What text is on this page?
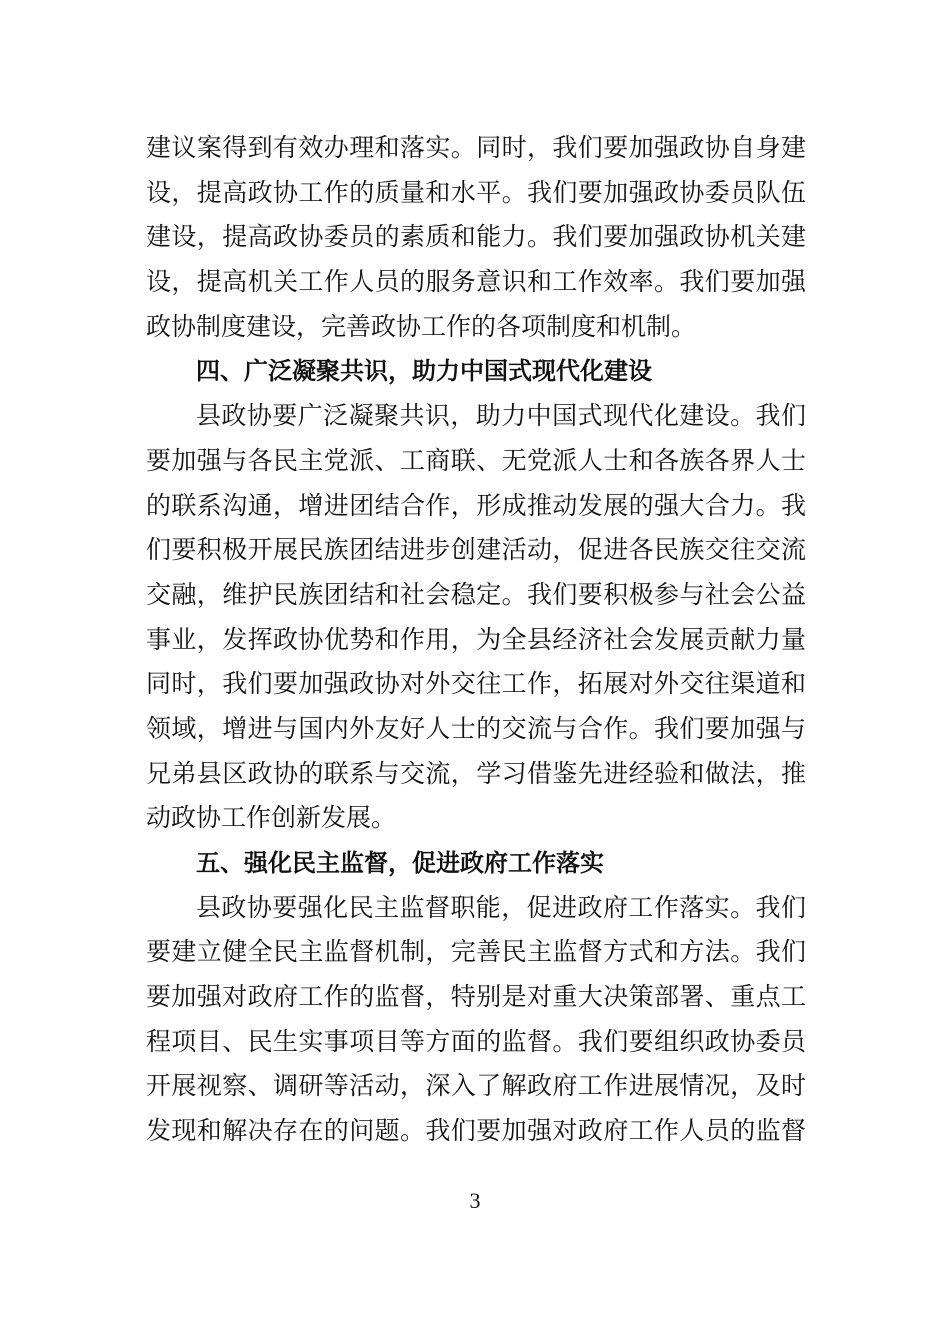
建议案得到有效办理和落实。同时，我们要加强政协自身建
设，提高政协工作的质量和水平。我们要加强政协委员队伍
建设，提高政协委员的素质和能力。我们要加强政协机关建
设，提高机关工作人员的服务意识和工作效率。我们要加强
政协制度建设，完善政协工作的各项制度和机制。
四、广泛凝聚共识，助力中国式现代化建设
县政协要广泛凝聚共识，助力中国式现代化建设。我们
要加强与各民主党派、工商联、无党派人士和各族各界人士
的联系沟通，增进团结合作，形成推动发展的强大合力。我
们要积极开展民族团结进步创建活动，促进各民族交往交流
交融，维护民族团结和社会稳定。我们要积极参与社会公益
事业，发挥政协优势和作用，为全县经济社会发展贡献力量
同时，我们要加强政协对外交往工作，拓展对外交往渠道和
领域，增进与国内外友好人士的交流与合作。我们要加强与
兄弟县区政协的联系与交流，学习借鉴先进经验和做法，推
动政协工作创新发展。
五、强化民主监督，促进政府工作落实
县政协要强化民主监督职能，促进政府工作落实。我们
要建立健全民主监督机制，完善民主监督方式和方法。我们
要加强对政府工作的监督，特别是对重大决策部署、重点工
程项目、民生实事项目等方面的监督。我们要组织政协委员
开展视察、调研等活动，深入了解政府工作进展情况，及时
发现和解决存在的问题。我们要加强对政府工作人员的监督
3
